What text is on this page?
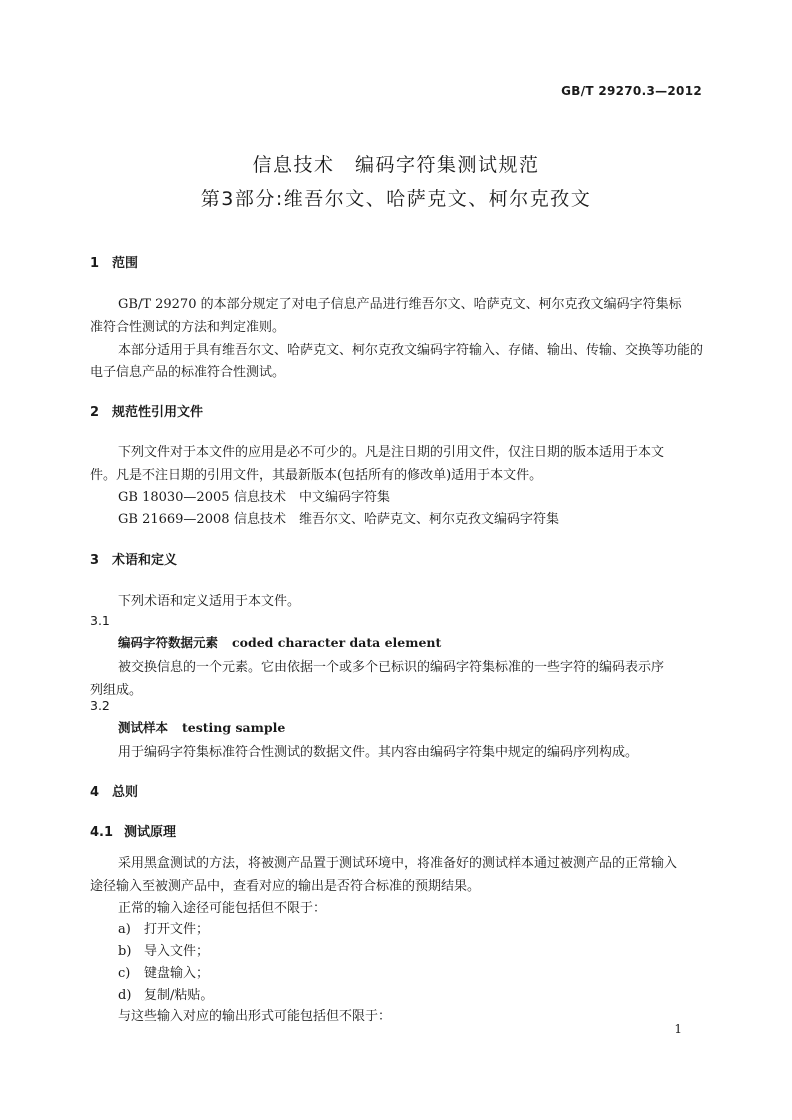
GB/T 29270.3—2012
信息技术　编码字符集测试规范
第3部分:维吾尔文、哈萨克文、柯尔克孜文
1 范围
GB/T 29270 的本部分规定了对电子信息产品进行维吾尔文、哈萨克文、柯尔克孜文编码字符集标
准符合性测试的方法和判定准则。
本部分适用于具有维吾尔文、哈萨克文、柯尔克孜文编码字符输入、存储、输出、传输、交换等功能的
电子信息产品的标准符合性测试。
2 规范性引用文件
下列文件对于本文件的应用是必不可少的。凡是注日期的引用文件，仅注日期的版本适用于本文
件。凡是不注日期的引用文件，其最新版本(包括所有的修改单)适用于本文件。
GB 18030—2005 信息技术　中文编码字符集
GB 21669—2008 信息技术　维吾尔文、哈萨克文、柯尔克孜文编码字符集
3 术语和定义
下列术语和定义适用于本文件。
3.1
编码字符数据元素 coded character data element
被交换信息的一个元素。它由依据一个或多个已标识的编码字符集标准的一些字符的编码表示序
列组成。
3.2
测试样本 testing sample
用于编码字符集标准符合性测试的数据文件。其内容由编码字符集中规定的编码序列构成。
4 总则
4.1 测试原理
采用黑盒测试的方法，将被测产品置于测试环境中，将准备好的测试样本通过被测产品的正常输入
途径输入至被测产品中，查看对应的输出是否符合标准的预期结果。
正常的输入途径可能包括但不限于：
a) 打开文件；
b) 导入文件；
c) 键盘输入；
d) 复制/粘贴。
与这些输入对应的输出形式可能包括但不限于：
1
